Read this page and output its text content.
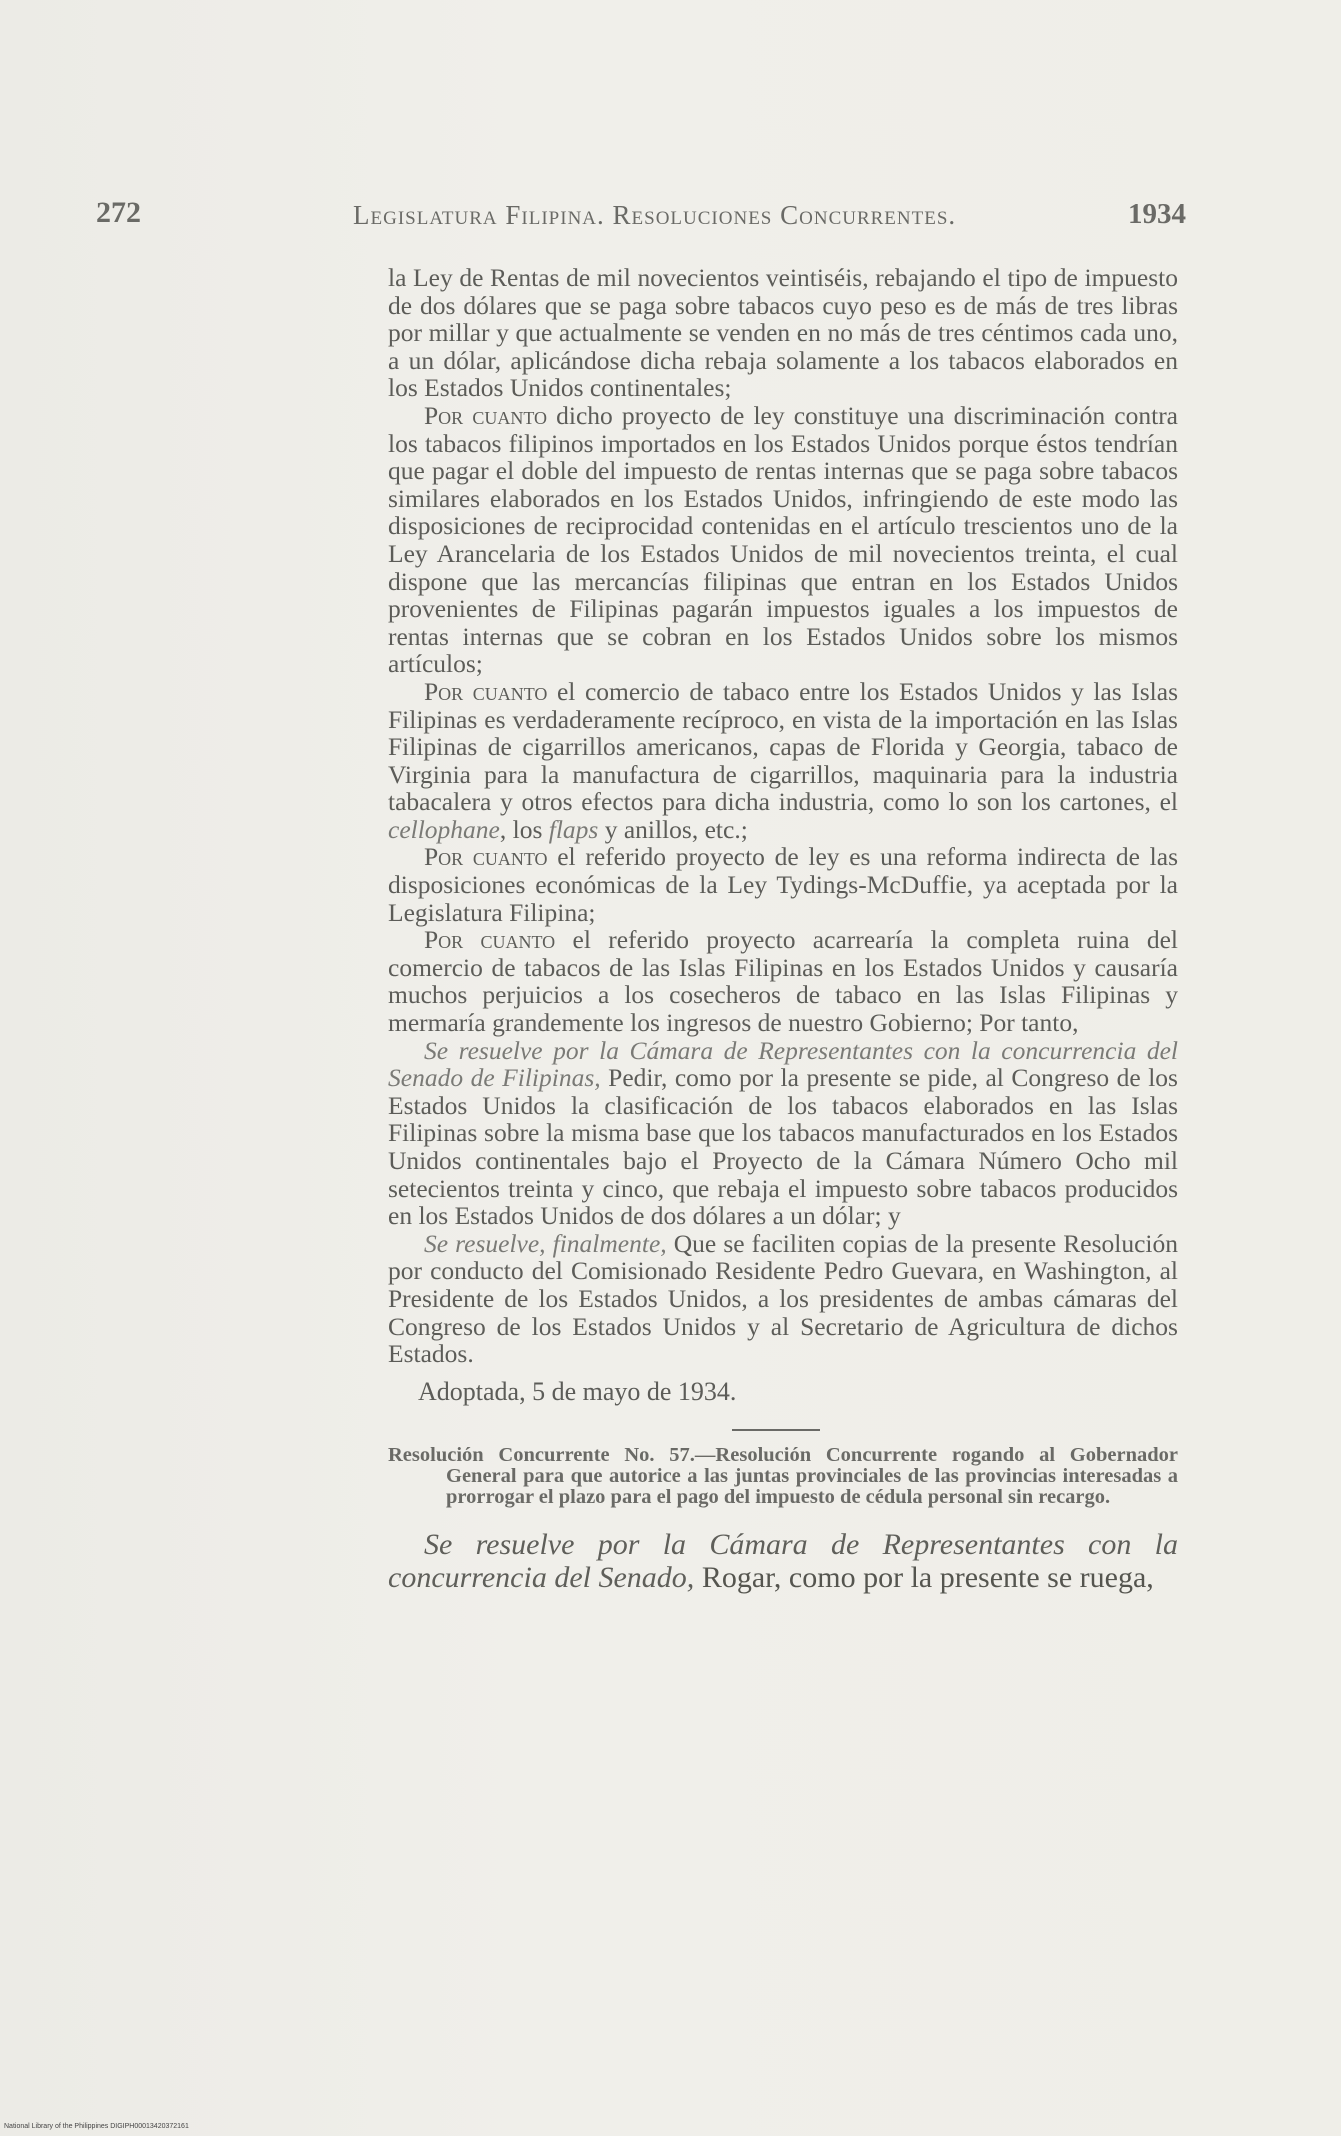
272	Legislatura Filipina. Resoluciones Concurrentes.	1934

la Ley de Rentas de mil novecientos veintiséis, rebajando el tipo de impuesto de dos dólares que se paga sobre tabacos cuyo peso es de más de tres libras por millar y que actualmente se venden en no más de tres céntimos cada uno, a un dólar, aplicándose dicha rebaja solamente a los tabacos elaborados en los Estados Unidos continentales;

Por cuanto dicho proyecto de ley constituye una discriminación contra los tabacos filipinos importados en los Estados Unidos porque éstos tendrían que pagar el doble del impuesto de rentas internas que se paga sobre tabacos similares elaborados en los Estados Unidos, infringiendo de este modo las disposiciones de reciprocidad contenidas en el artículo trescientos uno de la Ley Arancelaria de los Estados Unidos de mil novecientos treinta, el cual dispone que las mercancías filipinas que entran en los Estados Unidos provenientes de Filipinas pagarán impuestos iguales a los impuestos de rentas internas que se cobran en los Estados Unidos sobre los mismos artículos;

Por cuanto el comercio de tabaco entre los Estados Unidos y las Islas Filipinas es verdaderamente recíproco, en vista de la importación en las Islas Filipinas de cigarrillos americanos, capas de Florida y Georgia, tabaco de Virginia para la manufactura de cigarrillos, maquinaria para la industria tabacalera y otros efectos para dicha industria, como lo son los cartones, el cellophane, los flaps y anillos, etc.;

Por cuanto el referido proyecto de ley es una reforma indirecta de las disposiciones económicas de la Ley Tydings-McDuffie, ya aceptada por la Legislatura Filipina;

Por cuanto el referido proyecto acarrearía la completa ruina del comercio de tabacos de las Islas Filipinas en los Estados Unidos y causaría muchos perjuicios a los cosecheros de tabaco en las Islas Filipinas y mermaría grandemente los ingresos de nuestro Gobierno; Por tanto,

Se resuelve por la Cámara de Representantes con la concurrencia del Senado de Filipinas, Pedir, como por la presente se pide, al Congreso de los Estados Unidos la clasificación de los tabacos elaborados en las Islas Filipinas sobre la misma base que los tabacos manufacturados en los Estados Unidos continentales bajo el Proyecto de la Cámara Número Ocho mil setecientos treinta y cinco, que rebaja el impuesto sobre tabacos producidos en los Estados Unidos de dos dólares a un dólar; y

Se resuelve, finalmente, Que se faciliten copias de la presente Resolución por conducto del Comisionado Residente Pedro Guevara, en Washington, al Presidente de los Estados Unidos, a los presidentes de ambas cámaras del Congreso de los Estados Unidos y al Secretario de Agricultura de dichos Estados.

Adoptada, 5 de mayo de 1934.

Resolución Concurrente No. 57.—Resolución Concurrente rogando al Gobernador General para que autorice a las juntas provinciales de las provincias interesadas a prorrogar el plazo para el pago del impuesto de cédula personal sin recargo.

Se resuelve por la Cámara de Representantes con la concurrencia del Senado, Rogar, como por la presente se ruega,

National Library of the Philippines DIGIPH00013420372161
